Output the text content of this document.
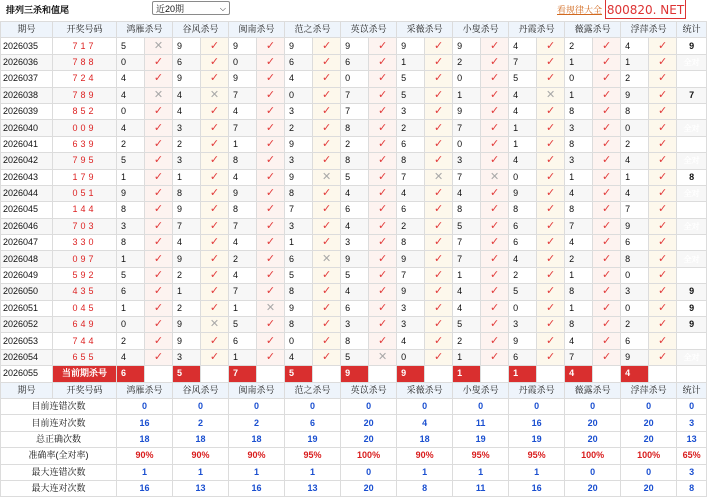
排列三杀和值尾	近20期	⌵	看规律大全 800820. NET
期号	开奖号码	鸿雁杀号		谷风杀号		闽南杀号		范之杀号		英苡杀号		采薇杀号		小叟杀号		丹霞杀号		薇露杀号		浮萍杀号		统计
2026035	717	5	✕	9	✓	9	✓	9	✓	9	✓	9	✓	9	✓	4	✓	2	✓	4	✓	9
2026036	788	0	✓	6	✓	0	✓	6	✓	6	✓	1	✓	2	✓	7	✓	1	✓	1	✓	全对
2026037	724	4	✓	9	✓	9	✓	4	✓	0	✓	5	✓	0	✓	5	✓	0	✓	2	✓	全对
2026038	789	4	✕	4	✕	7	✓	0	✓	7	✓	5	✓	1	✓	4	✕	1	✓	9	✓	7
2026039	852	0	✓	4	✓	4	✓	3	✓	7	✓	3	✓	9	✓	4	✓	8	✓	8	✓	全对
2026040	009	4	✓	3	✓	7	✓	2	✓	8	✓	2	✓	7	✓	1	✓	3	✓	0	✓	全对
2026041	639	2	✓	2	✓	1	✓	9	✓	2	✓	6	✓	0	✓	1	✓	8	✓	2	✓	全对
2026042	795	5	✓	3	✓	8	✓	3	✓	8	✓	8	✓	3	✓	4	✓	3	✓	4	✓	全对
2026043	179	1	✓	1	✓	4	✓	9	✕	5	✓	7	✕	7	✕	0	✓	1	✓	1	✓	8
2026044	051	9	✓	8	✓	9	✓	8	✓	4	✓	4	✓	4	✓	9	✓	4	✓	4	✓	全对
2026045	144	8	✓	9	✓	8	✓	7	✓	6	✓	6	✓	8	✓	8	✓	8	✓	7	✓	全对
2026046	703	3	✓	7	✓	7	✓	3	✓	4	✓	2	✓	5	✓	6	✓	7	✓	9	✓	全对
2026047	330	8	✓	4	✓	4	✓	1	✓	3	✓	8	✓	7	✓	6	✓	4	✓	6	✓	全对
2026048	097	1	✓	9	✓	2	✓	6	✕	9	✓	9	✓	7	✓	4	✓	2	✓	8	✓	全对
2026049	592	5	✓	2	✓	4	✓	5	✓	5	✓	7	✓	1	✓	2	✓	1	✓	0	✓	全对
2026050	435	6	✓	1	✓	7	✓	8	✓	4	✓	9	✓	4	✓	5	✓	8	✓	3	✓	9
2026051	045	1	✓	2	✓	1	✕	9	✓	6	✓	3	✓	4	✓	0	✓	1	✓	0	✓	9
2026052	649	0	✓	9	✕	5	✓	8	✓	3	✓	3	✓	5	✓	3	✓	8	✓	2	✓	9
2026053	744	2	✓	9	✓	6	✓	0	✓	8	✓	4	✓	2	✓	9	✓	4	✓	6	✓	全对
2026054	655	4	✓	3	✓	1	✓	4	✓	5	✕	0	✓	1	✓	6	✓	7	✓	9	✓	全对
2026055	当前期杀号	6		5		7		5		9		9		1		1		4		4		
期号	开奖号码	鸿雁杀号		谷风杀号		闽南杀号		范之杀号		英苡杀号		采薇杀号		小叟杀号		丹霞杀号		薇露杀号		浮萍杀号		统计
目前连错次数		0		0		0		0		0		0		0		0		0		0		0
目前连对次数		16		2		2		6		20		4		11		16		20		20		3
总正确次数		18		18		18		19		20		18		19		19		20		20		13
准确率(全对率)		90%		90%		90%		95%		100%		90%		95%		95%		100%		100%		65%
最大连错次数		1		1		1		1		0		1		1		1		0		0		3
最大连对次数		16		13		16		13		20		8		11		16		20		20		8
